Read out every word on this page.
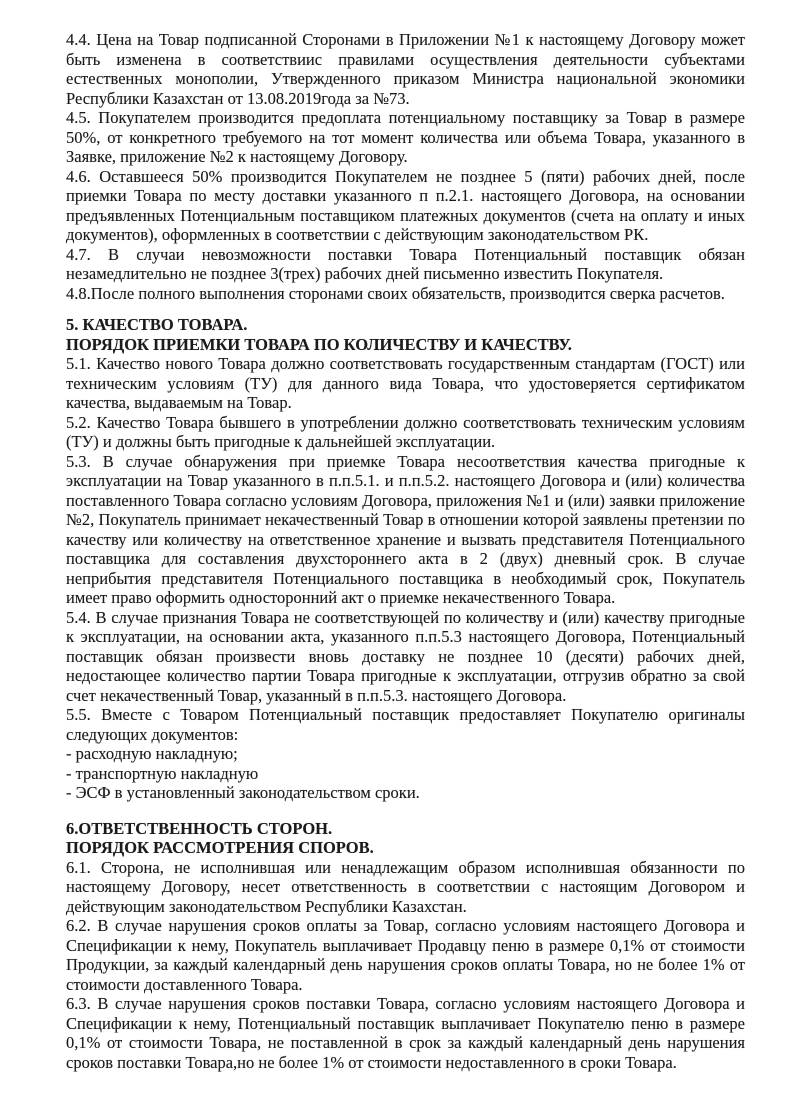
4.4. Цена на Товар подписанной Сторонами в Приложении №1 к настоящему Договору может быть изменена в соответствиис правилами осуществления деятельности субъектами естественных монополии, Утвержденного приказом Министра национальной экономики Республики Казахстан от 13.08.2019года за №73.

4.5. Покупателем производится предоплата потенциальному поставщику за Товар в размере 50%, от конкретного требуемого на тот момент количества или объема Товара, указанного в Заявке, приложение №2 к настоящему Договору.

4.6. Оставшееся 50% производится Покупателем не позднее 5 (пяти) рабочих дней, после приемки Товара по месту доставки указанного п п.2.1. настоящего Договора, на основании предъявленных Потенциальным поставщиком платежных документов (счета на оплату и иных документов), оформленных в соответствии с действующим законодательством РК.

4.7. В случаи невозможности поставки Товара Потенциальный поставщик обязан незамедлительно не позднее 3(трех) рабочих дней письменно известить Покупателя.

4.8.После полного выполнения сторонами своих обязательств, производится сверка расчетов.

5. КАЧЕСТВО ТОВАРА.

ПОРЯДОК ПРИЕМКИ ТОВАРА ПО КОЛИЧЕСТВУ И КАЧЕСТВУ.

5.1. Качество нового Товара должно соответствовать государственным стандартам (ГОСТ) или техническим условиям (ТУ) для данного вида Товара, что удостоверяется сертификатом качества, выдаваемым на Товар.

5.2. Качество Товара бывшего в употреблении должно соответствовать техническим условиям (ТУ) и должны быть пригодные к дальнейшей эксплуатации.

5.3. В случае обнаружения при приемке Товара несоответствия качества пригодные к эксплуатации на Товар указанного в п.п.5.1. и п.п.5.2. настоящего Договора и (или) количества поставленного Товара согласно условиям Договора, приложения №1 и (или) заявки приложение №2, Покупатель принимает некачественный Товар в отношении которой заявлены претензии по качеству или количеству на ответственное хранение и вызвать представителя Потенциального поставщика для составления двухстороннего акта в 2 (двух) дневный срок. В случае неприбытия представителя Потенциального поставщика в необходимый срок, Покупатель имеет право оформить односторонний акт о приемке некачественного Товара.

5.4. В случае признания Товара не соответствующей по количеству и (или) качеству пригодные к эксплуатации, на основании акта, указанного п.п.5.3 настоящего Договора, Потенциальный поставщик обязан произвести вновь доставку не позднее 10 (десяти) рабочих дней, недостающее количество партии Товара пригодные к эксплуатации, отгрузив обратно за свой счет некачественный Товар, указанный в п.п.5.3. настоящего Договора.

5.5. Вместе с Товаром Потенциальный поставщик предоставляет Покупателю оригиналы следующих документов:

- расходную накладную;

- транспортную накладную

- ЭСФ в установленный законодательством сроки.

6.ОТВЕТСТВЕННОСТЬ СТОРОН.

ПОРЯДОК РАССМОТРЕНИЯ СПОРОВ.

6.1. Сторона, не исполнившая или ненадлежащим образом исполнившая обязанности по настоящему Договору, несет ответственность в соответствии с настоящим Договором и действующим законодательством Республики Казахстан.

6.2. В случае нарушения сроков оплаты за Товар, согласно условиям настоящего Договора и Спецификации к нему, Покупатель выплачивает Продавцу пеню в размере 0,1% от стоимости Продукции, за каждый календарный день нарушения сроков оплаты Товара, но не более 1% от стоимости доставленного Товара.

6.3. В случае нарушения сроков поставки Товара, согласно условиям настоящего Договора и Спецификации к нему, Потенциальный поставщик выплачивает Покупателю пеню в размере 0,1% от стоимости Товара, не поставленной в срок за каждый календарный день нарушения сроков поставки Товара,но не более 1% от стоимости недоставленного в сроки Товара.
